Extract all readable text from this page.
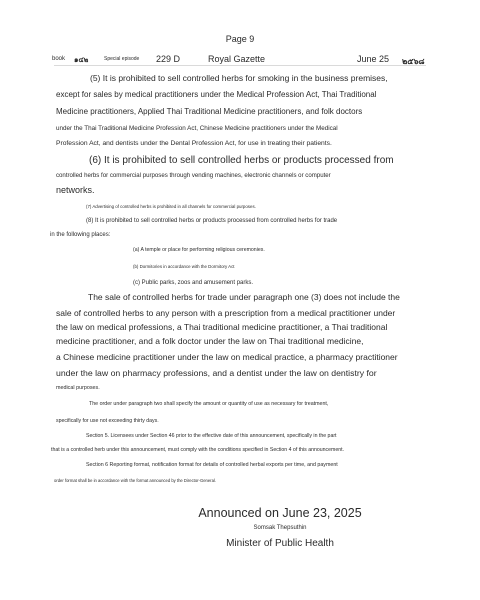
Page 9
book ๑๔๒	Special episode 229 D	Royal Gazette	June 25 ๒๕๖๘
(5) It is prohibited to sell controlled herbs for smoking in the business premises,
except for sales by medical practitioners under the Medical Profession Act, Thai Traditional
Medicine practitioners, Applied Thai Traditional Medicine practitioners, and folk doctors
under the Thai Traditional Medicine Profession Act, Chinese Medicine practitioners under the Medical
Profession Act, and dentists under the Dental Profession Act, for use in treating their patients.
(6) It is prohibited to sell controlled herbs or products processed from
controlled herbs for commercial purposes through vending machines, electronic channels or computer
networks.
(7) Advertising of controlled herbs is prohibited in all channels for commercial purposes.
(8) It is prohibited to sell controlled herbs or products processed from controlled herbs for trade
in the following places:
(a) A temple or place for performing religious ceremonies.
(b) Dormitories in accordance with the Dormitory Act
(c) Public parks, zoos and amusement parks.
The sale of controlled herbs for trade under paragraph one (3) does not include the
sale of controlled herbs to any person with a prescription from a medical practitioner under
the law on medical professions, a Thai traditional medicine practitioner, a Thai traditional
medicine practitioner, and a folk doctor under the law on Thai traditional medicine,
a Chinese medicine practitioner under the law on medical practice, a pharmacy practitioner
under the law on pharmacy professions, and a dentist under the law on dentistry for
medical purposes.
The order under paragraph two shall specify the amount or quantity of use as necessary for treatment,
specifically for use not exceeding thirty days.
Section 5. Licensees under Section 46 prior to the effective date of this announcement, specifically in the part
that is a controlled herb under this announcement, must comply with the conditions specified in Section 4 of this announcement.
Section 6 Reporting format, notification format for details of controlled herbal exports per time, and payment
order format shall be in accordance with the format announced by the Director-General.
Announced on June 23, 2025
Somsak Thepsuthin
Minister of Public Health
